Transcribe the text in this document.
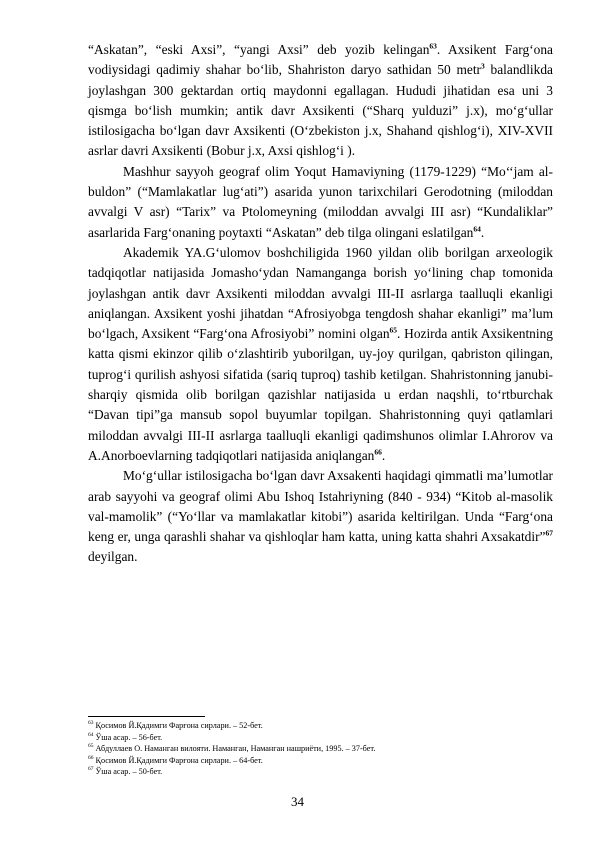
“Askatan”, “eski Axsi”, “yangi Axsi” deb yozib kelingan$^{63}$. Axsikent Farg‘ona vodiysidagi qadimiy shahar bo‘lib, Shahriston daryo sathidan 50 metr$^3$ balandlikda joylashgan 300 gektardan ortiq maydonni egallagan. Hududi jihatidan esa uni 3 qismga bo‘lish mumkin; antik davr Axsikenti (“Sharq yulduzi” j.x), mo‘g‘ullar istilosigacha bo‘lgan davr Axsikenti (O‘zbekiston j.x, Shahand qishlog‘i), XIV-XVII asrlar davri Axsikenti (Bobur j.x, Axsi qishlog‘i ).

Mashhur sayyoh geograf olim Yoqut Hamaviyning (1179-1229) “Mo‘‘jam al-buldon” (“Mamlakatlar lug‘ati”) asarida yunon tarixchilari Gerodotning (miloddan avvalgi V asr) “Tarix” va Ptolomeyning (miloddan avvalgi III asr) “Kundaliklar” asarlarida Farg‘onaning poytaxti “Askatan” deb tilga olingani eslatilgan$^{64}$.

Akademik YA.G‘ulomov boshchiligida 1960 yildan olib borilgan arxeologik tadqiqotlar natijasida Jomasho‘ydan Namanganga borish yo‘lining chap tomonida joylashgan antik davr Axsikenti miloddan avvalgi III-II asrlarga taalluqli ekanligi aniqlangan. Axsikent yoshi jihatdan “Afrosiyobga tengdosh shahar ekanligi” ma’lum bo‘lgach, Axsikent “Farg‘ona Afrosiyobi” nomini olgan$^{65}$. Hozirda antik Axsikentning katta qismi ekinzor qilib o‘zlashtirib yuborilgan, uy-joy qurilgan, qabriston qilingan, tuprog‘i qurilish ashyosi sifatida (sariq tuproq) tashib ketilgan. Shahristonning janubi-sharqiy qismida olib borilgan qazishlar natijasida u erdan naqshli, to‘rtburchak “Davan tipi”ga mansub sopol buyumlar topilgan. Shahristonning quyi qatlamlari miloddan avvalgi III-II asrlarga taalluqli ekanligi qadimshunos olimlar I.Ahrorov va A.Anorboevlarning tadqiqotlari natijasida aniqlangan$^{66}$.

Mo‘g‘ullar istilosigacha bo‘lgan davr Axsakenti haqidagi qimmatli ma’lumotlar arab sayyohi va geograf olimi Abu Ishoq Istahriyning (840 - 934) “Kitob al-masolik val-mamolik” (“Yo‘llar va mamlakatlar kitobi”) asarida keltirilgan. Unda “Farg‘ona keng er, unga qarashli shahar va qishloqlar ham katta, uning katta shahri Axsakatdir”$^{67}$ deyilgan.

$^{63}$ Қосимов Й.Қадимги Фарғона сирлари. – 52-бет.
$^{64}$ Ўша асар. – 56-бет.
$^{65}$ Абдуллаев О. Наманган вилояти. Наманган, Наманган нашриёти, 1995. – 37-бет.
$^{66}$ Қосимов Й.Қадимги Фарғона сирлари. – 64-бет.
$^{67}$ Ўша асар. – 50-бет.
34
